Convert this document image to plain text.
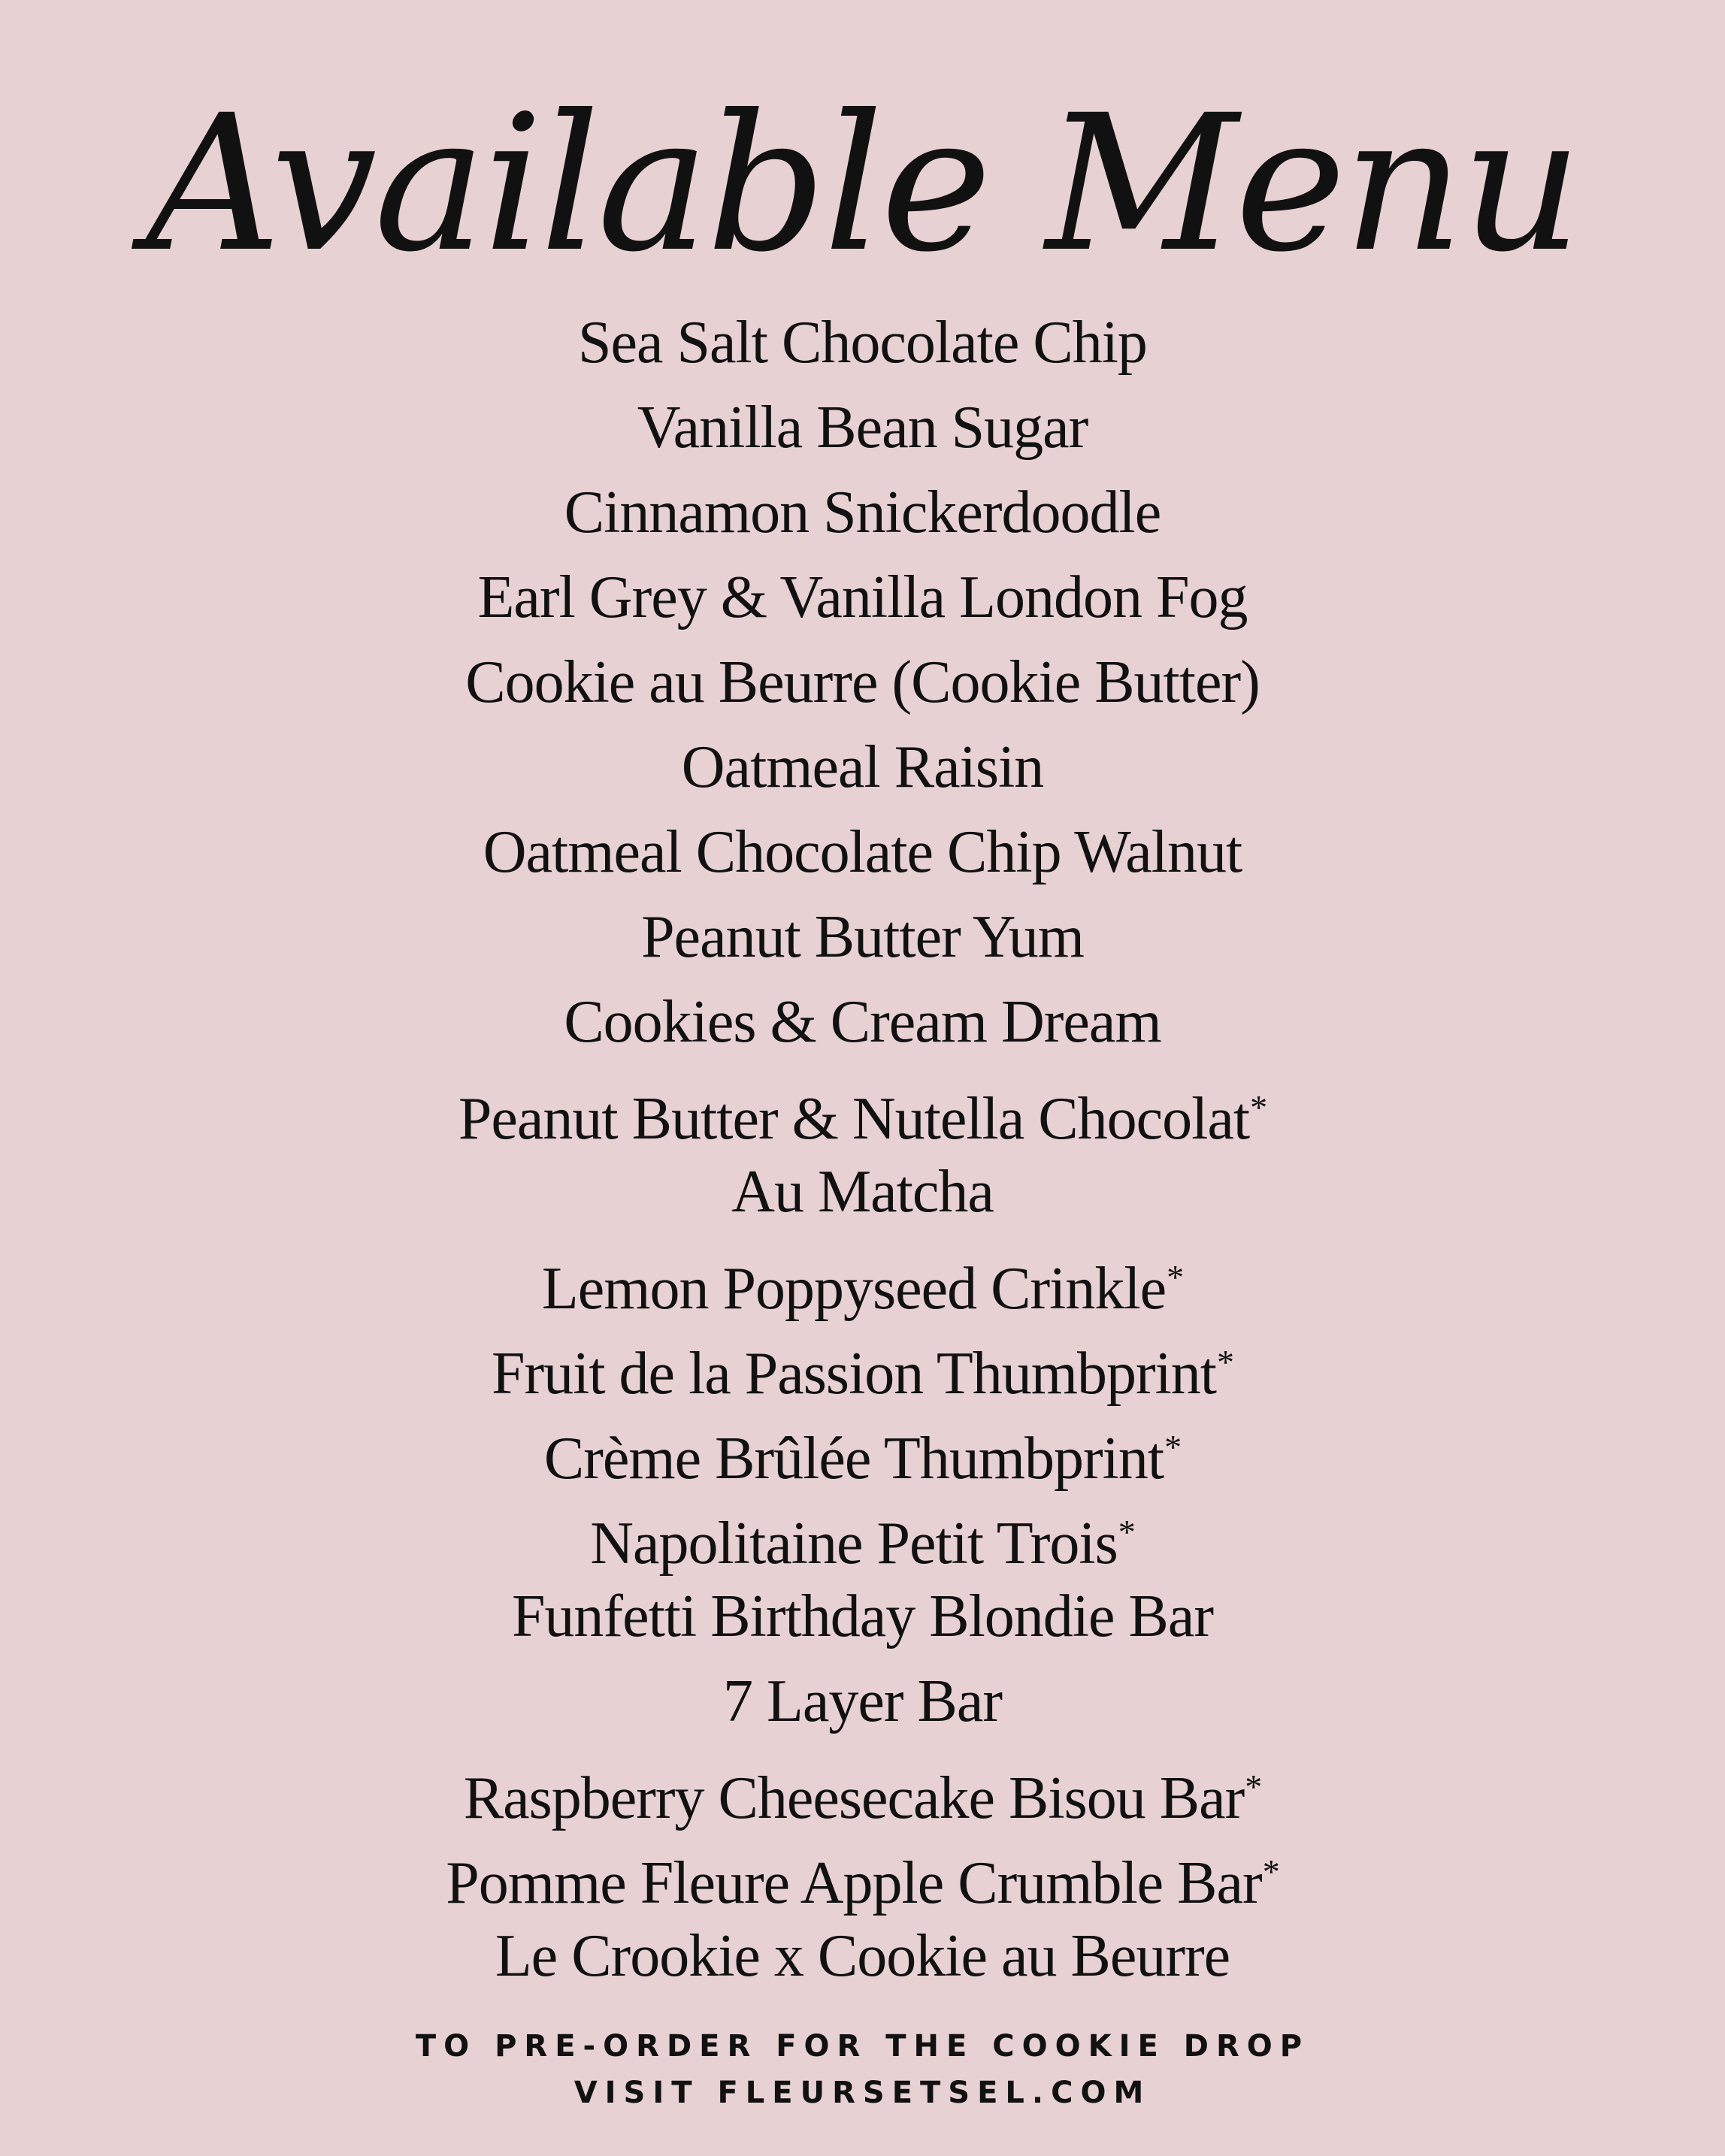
Available Menu
Sea Salt Chocolate Chip
Vanilla Bean Sugar
Cinnamon Snickerdoodle
Earl Grey & Vanilla London Fog
Cookie au Beurre (Cookie Butter)
Oatmeal Raisin
Oatmeal Chocolate Chip Walnut
Peanut Butter Yum
Cookies & Cream Dream
Peanut Butter & Nutella Chocolat*
Au Matcha
Lemon Poppyseed Crinkle*
Fruit de la Passion Thumbprint*
Crème Brûlée Thumbprint*
Napolitaine Petit Trois*
Funfetti Birthday Blondie Bar
7 Layer Bar
Raspberry Cheesecake Bisou Bar*
Pomme Fleure Apple Crumble Bar*
Le Crookie x Cookie au Beurre
TO PRE-ORDER FOR THE COOKIE DROP
VISIT FLEURSETSEL.COM
